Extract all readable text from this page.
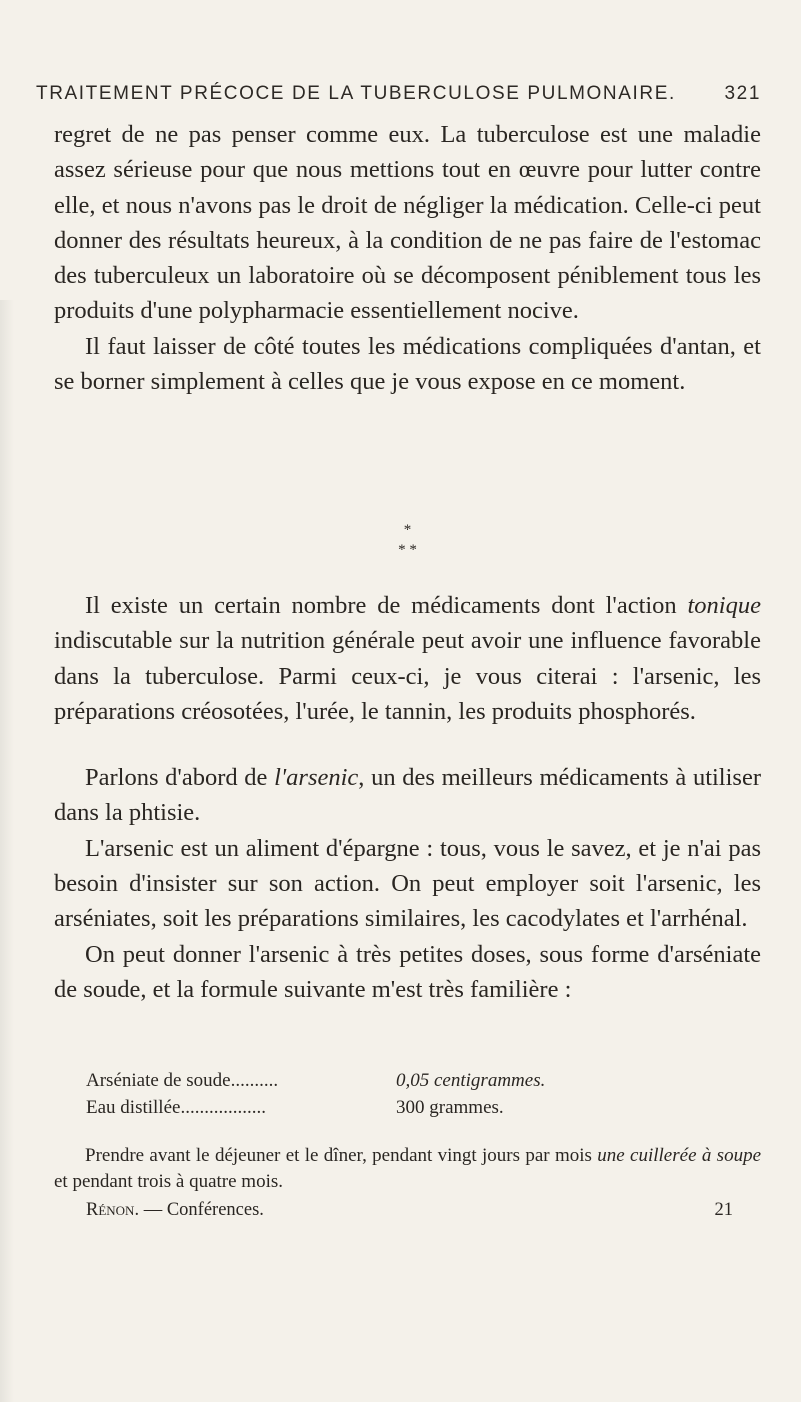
TRAITEMENT PRÉCOCE DE LA TUBERCULOSE PULMONAIRE.	321

regret de ne pas penser comme eux. La tuberculose est une maladie assez sérieuse pour que nous mettions tout en œuvre pour lutter contre elle, et nous n'avons pas le droit de négliger la médication. Celle-ci peut donner des résultats heureux, à la condition de ne pas faire de l'estomac des tuberculeux un laboratoire où se décomposent péniblement tous les produits d'une polypharmacie essentiellement nocive.

Il faut laisser de côté toutes les médications compliquées d'antan, et se borner simplement à celles que je vous expose en ce moment.

*
* *

Il existe un certain nombre de médicaments dont l'action tonique indiscutable sur la nutrition générale peut avoir une influence favorable dans la tuberculose. Parmi ceux-ci, je vous citerai : l'arsenic, les préparations créosotées, l'urée, le tannin, les produits phosphorés.

Parlons d'abord de l'arsenic, un des meilleurs médicaments à utiliser dans la phtisie.

L'arsenic est un aliment d'épargne : tous, vous le savez, et je n'ai pas besoin d'insister sur son action. On peut employer soit l'arsenic, les arséniates, soit les préparations similaires, les cacodylates et l'arrhénal.

On peut donner l'arsenic à très petites doses, sous forme d'arséniate de soude, et la formule suivante m'est très familière :

Arséniate de soude..........	0,05 centigrammes.
Eau distillée..................	300 grammes.

Prendre avant le déjeuner et le dîner, pendant vingt jours par mois une cuillerée à soupe et pendant trois à quatre mois.

Rénon. — Conférences.	21
